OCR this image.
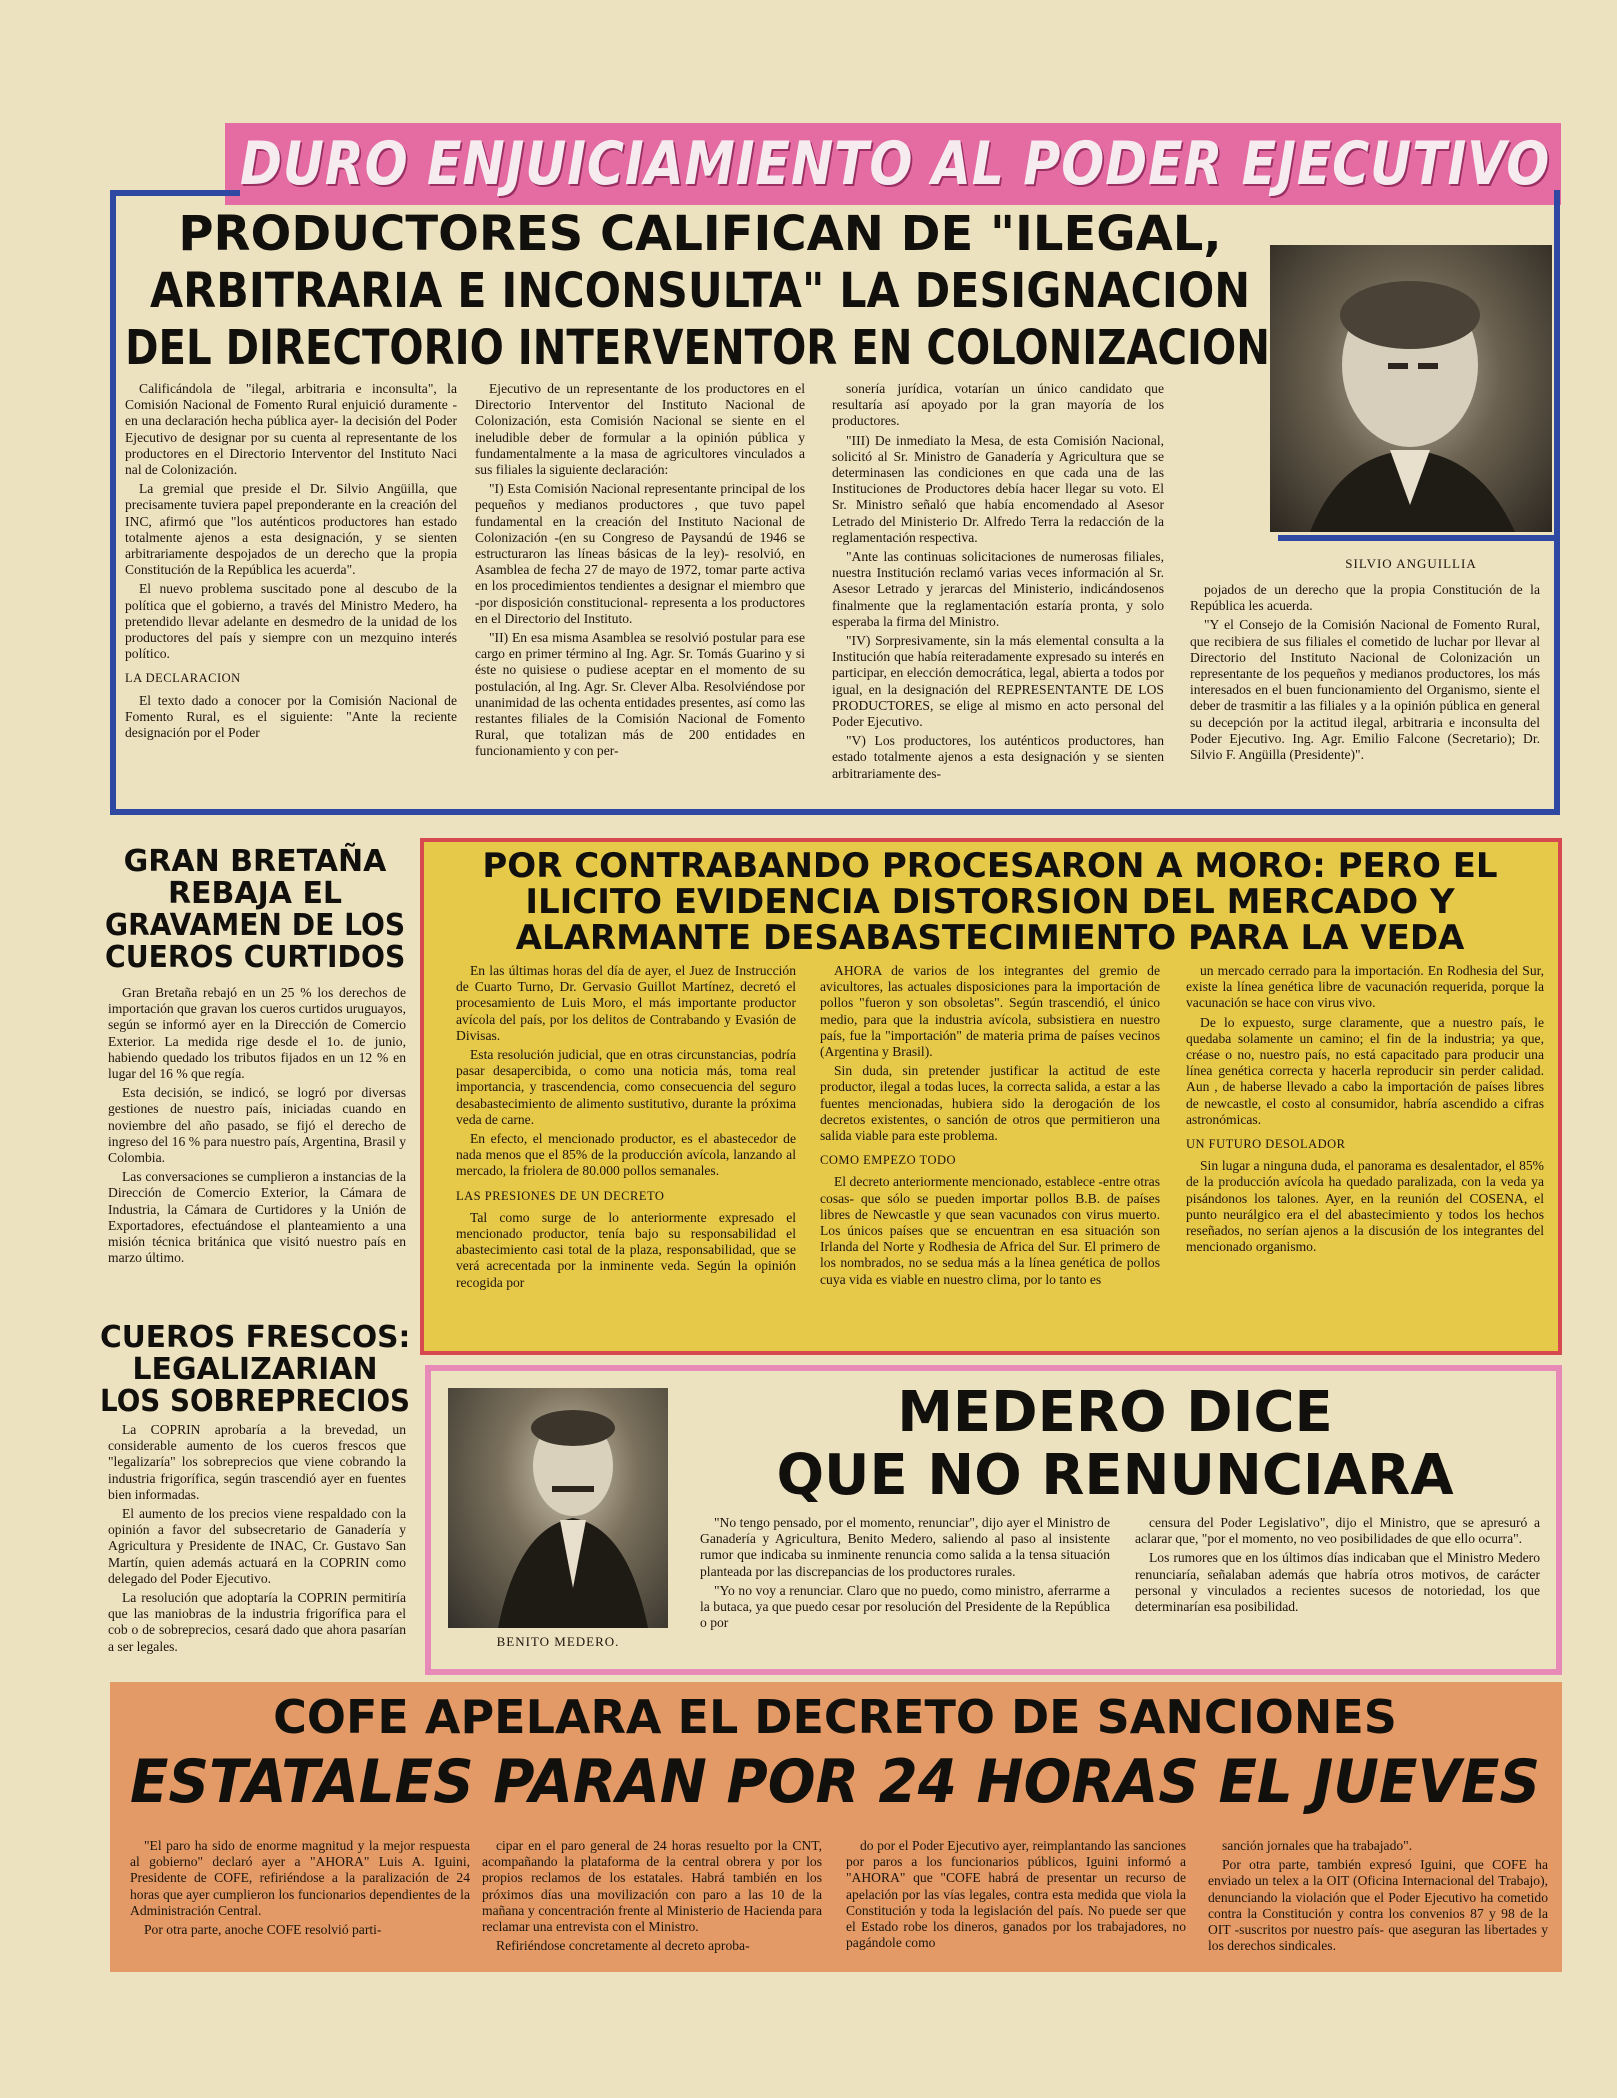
DURO ENJUICIAMIENTO AL PODER EJECUTIVO
PRODUCTORES CALIFICAN DE "ILEGAL,
ARBITRARIA E INCONSULTA" LA DESIGNACION
DEL DIRECTORIO INTERVENTOR EN COLONIZACION
SILVIO ANGUILLIA

Calificándola de "ilegal, arbitraria e inconsulta", la Comisión Nacional de Fomento Rural enjuició duramente -en una declaración hecha pública ayer- la decisión del Poder Ejecutivo de designar por su cuenta al representante de los productores en el Directorio Interventor del Instituto Naci nal de Colonización.

La gremial que preside el Dr. Silvio Angüilla, que precisamente tuviera papel preponderante en la creación del INC, afirmó que "los auténticos productores han estado totalmente ajenos a esta designación, y se sienten arbitrariamente despojados de un derecho que la propia Constitución de la República les acuerda".

El nuevo problema suscitado pone al descubo de la política que el gobierno, a través del Ministro Medero, ha pretendido llevar adelante en desmedro de la unidad de los productores del país y siempre con un mezquino interés político.

LA DECLARACION

El texto dado a conocer por la Comisión Nacional de Fomento Rural, es el siguiente: "Ante la reciente designación por el Poder

Ejecutivo de un representante de los productores en el Directorio Interventor del Instituto Nacional de Colonización, esta Comisión Nacional se siente en el ineludible deber de formular a la opinión pública y fundamentalmente a la masa de agricultores vinculados a sus filiales la siguiente declaración:

"I) Esta Comisión Nacional representante principal de los pequeños y medianos productores , que tuvo papel fundamental en la creación del Instituto Nacional de Colonización -(en su Congreso de Paysandú de 1946 se estructuraron las líneas básicas de la ley)- resolvió, en Asamblea de fecha 27 de mayo de 1972, tomar parte activa en los procedimientos tendientes a designar el miembro que -por disposición constitucional- representa a los productores en el Directorio del Instituto.

"II) En esa misma Asamblea se resolvió postular para ese cargo en primer término al Ing. Agr. Sr. Tomás Guarino y si éste no quisiese o pudiese aceptar en el momento de su postulación, al Ing. Agr. Sr. Clever Alba. Resolviéndose por unanimidad de las ochenta entidades presentes, así como las restantes filiales de la Comisión Nacional de Fomento Rural, que totalizan más de 200 entidades en funcionamiento y con per-

sonería jurídica, votarían un único candidato que resultaría así apoyado por la gran mayoría de los productores.

"III) De inmediato la Mesa, de esta Comisión Nacional, solicitó al Sr. Ministro de Ganadería y Agricultura que se determinasen las condiciones en que cada una de las Instituciones de Productores debía hacer llegar su voto. El Sr. Ministro señaló que había encomendado al Asesor Letrado del Ministerio Dr. Alfredo Terra la redacción de la reglamentación respectiva.

"Ante las continuas solicitaciones de numerosas filiales, nuestra Institución reclamó varias veces información al Sr. Asesor Letrado y jerarcas del Ministerio, indicándosenos finalmente que la reglamentación estaría pronta, y solo esperaba la firma del Ministro.

"IV) Sorpresivamente, sin la más elemental consulta a la Institución que había reiteradamente expresado su interés en participar, en elección democrática, legal, abierta a todos por igual, en la designación del REPRESENTANTE DE LOS PRODUCTORES, se elige al mismo en acto personal del Poder Ejecutivo.

"V) Los productores, los auténticos productores, han estado totalmente ajenos a esta designación y se sienten arbitrariamente des-

pojados de un derecho que la propia Constitución de la República les acuerda.

"Y el Consejo de la Comisión Nacional de Fomento Rural, que recibiera de sus filiales el cometido de luchar por llevar al Directorio del Instituto Nacional de Colonización un representante de los pequeños y medianos productores, los más interesados en el buen funcionamiento del Organismo, siente el deber de trasmitir a las filiales y a la opinión pública en general su decepción por la actitud ilegal, arbitraria e inconsulta del Poder Ejecutivo. Ing. Agr. Emilio Falcone (Secretario); Dr. Silvio F. Angüilla (Presidente)".

GRAN BRETAÑA
REBAJA EL
GRAVAMEN DE LOS
CUEROS CURTIDOS

Gran Bretaña rebajó en un 25 % los derechos de importación que gravan los cueros curtidos uruguayos, según se informó ayer en la Dirección de Comercio Exterior. La medida rige desde el 1o. de junio, habiendo quedado los tributos fijados en un 12 % en lugar del 16 % que regía.

Esta decisión, se indicó, se logró por diversas gestiones de nuestro país, iniciadas cuando en noviembre del año pasado, se fijó el derecho de ingreso del 16 % para nuestro país, Argentina, Brasil y Colombia.

Las conversaciones se cumplieron a instancias de la Dirección de Comercio Exterior, la Cámara de Industria, la Cámara de Curtidores y la Unión de Exportadores, efectuándose el planteamiento a una misión técnica británica que visitó nuestro país en marzo último.

CUEROS FRESCOS:
LEGALIZARIAN
LOS SOBREPRECIOS

La COPRIN aprobaría a la brevedad, un considerable aumento de los cueros frescos que "legalizaría" los sobreprecios que viene cobrando la industria frigorífica, según trascendió ayer en fuentes bien informadas.

El aumento de los precios viene respaldado con la opinión a favor del subsecretario de Ganadería y Agricultura y Presidente de INAC, Cr. Gustavo San Martín, quien además actuará en la COPRIN como delegado del Poder Ejecutivo.

La resolución que adoptaría la COPRIN permitiría que las maniobras de la industria frigorífica para el cob o de sobreprecios, cesará dado que ahora pasarían a ser legales.

POR CONTRABANDO PROCESARON A MORO: PERO EL
ILICITO EVIDENCIA DISTORSION DEL MERCADO Y
ALARMANTE DESABASTECIMIENTO PARA LA VEDA

En las últimas horas del día de ayer, el Juez de Instrucción de Cuarto Turno, Dr. Gervasio Guillot Martínez, decretó el procesamiento de Luis Moro, el más importante productor avícola del país, por los delitos de Contrabando y Evasión de Divisas.

Esta resolución judicial, que en otras circunstancias, podría pasar desapercibida, o como una noticia más, toma real importancia, y trascendencia, como consecuencia del seguro desabastecimiento de alimento sustitutivo, durante la próxima veda de carne.

En efecto, el mencionado productor, es el abastecedor de nada menos que el 85% de la producción avícola, lanzando al mercado, la friolera de 80.000 pollos semanales.

LAS PRESIONES DE UN DECRETO

Tal como surge de lo anteriormente expresado el mencionado productor, tenía bajo su responsabilidad el abastecimiento casi total de la plaza, responsabilidad, que se verá acrecentada por la inminente veda. Según la opinión recogida por

AHORA de varios de los integrantes del gremio de avicultores, las actuales disposiciones para la importación de pollos "fueron y son obsoletas". Según trascendió, el único medio, para que la industria avícola, subsistiera en nuestro país, fue la "importación" de materia prima de países vecinos (Argentina y Brasil).

Sin duda, sin pretender justificar la actitud de este productor, ilegal a todas luces, la correcta salida, a estar a las fuentes mencionadas, hubiera sido la derogación de los decretos existentes, o sanción de otros que permitieron una salida viable para este problema.

COMO EMPEZO TODO

El decreto anteriormente mencionado, establece -entre otras cosas- que sólo se pueden importar pollos B.B. de países libres de Newcastle y que sean vacunados con virus muerto. Los únicos países que se encuentran en esa situación son Irlanda del Norte y Rodhesia de Africa del Sur. El primero de los nombrados, no se sedua más a la línea genética de pollos cuya vida es viable en nuestro clima, por lo tanto es

un mercado cerrado para la importación. En Rodhesia del Sur, existe la línea genética libre de vacunación requerida, porque la vacunación se hace con virus vivo.

De lo expuesto, surge claramente, que a nuestro país, le quedaba solamente un camino; el fin de la industria; ya que, créase o no, nuestro país, no está capacitado para producir una línea genética correcta y hacerla reproducir sin perder calidad. Aun , de haberse llevado a cabo la importación de países libres de newcastle, el costo al consumidor, habría ascendido a cifras astronómicas.

UN FUTURO DESOLADOR

Sin lugar a ninguna duda, el panorama es desalentador, el 85% de la producción avícola ha quedado paralizada, con la veda ya pisándonos los talones. Ayer, en la reunión del COSENA, el punto neurálgico era el del abastecimiento y todos los hechos reseñados, no serían ajenos a la discusión de los integrantes del mencionado organismo.

BENITO MEDERO.
MEDERO DICE
QUE NO RENUNCIARA

"No tengo pensado, por el momento, renunciar", dijo ayer el Ministro de Ganadería y Agricultura, Benito Medero, saliendo al paso al insistente rumor que indicaba su inminente renuncia como salida a la tensa situación planteada por las discrepancias de los productores rurales.

"Yo no voy a renunciar. Claro que no puedo, como ministro, aferrarme a la butaca, ya que puedo cesar por resolución del Presidente de la República o por

censura del Poder Legislativo", dijo el Ministro, que se apresuró a aclarar que, "por el momento, no veo posibilidades de que ello ocurra".

Los rumores que en los últimos días indicaban que el Ministro Medero renunciaría, señalaban además que habría otros motivos, de carácter personal y vinculados a recientes sucesos de notoriedad, los que determinarían esa posibilidad.

COFE APELARA EL DECRETO DE SANCIONES
ESTATALES PARAN POR 24 HORAS EL JUEVES

"El paro ha sido de enorme magnitud y la mejor respuesta al gobierno" declaró ayer a "AHORA" Luis A. Iguini, Presidente de COFE, refiriéndose a la paralización de 24 horas que ayer cumplieron los funcionarios dependientes de la Administración Central.

Por otra parte, anoche COFE resolvió parti-

cipar en el paro general de 24 horas resuelto por la CNT, acompañando la plataforma de la central obrera y por los propios reclamos de los estatales. Habrá también en los próximos días una movilización con paro a las 10 de la mañana y concentración frente al Ministerio de Hacienda para reclamar una entrevista con el Ministro.

Refiriéndose concretamente al decreto aproba-

do por el Poder Ejecutivo ayer, reimplantando las sanciones por paros a los funcionarios públicos, Iguini informó a "AHORA" que "COFE habrá de presentar un recurso de apelación por las vías legales, contra esta medida que viola la Constitución y toda la legislación del país. No puede ser que el Estado robe los dineros, ganados por los trabajadores, no pagándole como

sanción jornales que ha trabajado".

Por otra parte, también expresó Iguini, que COFE ha enviado un telex a la OIT (Oficina Internacional del Trabajo), denunciando la violación que el Poder Ejecutivo ha cometido contra la Constitución y contra los convenios 87 y 98 de la OIT -suscritos por nuestro país- que aseguran las libertades y los derechos sindicales.
